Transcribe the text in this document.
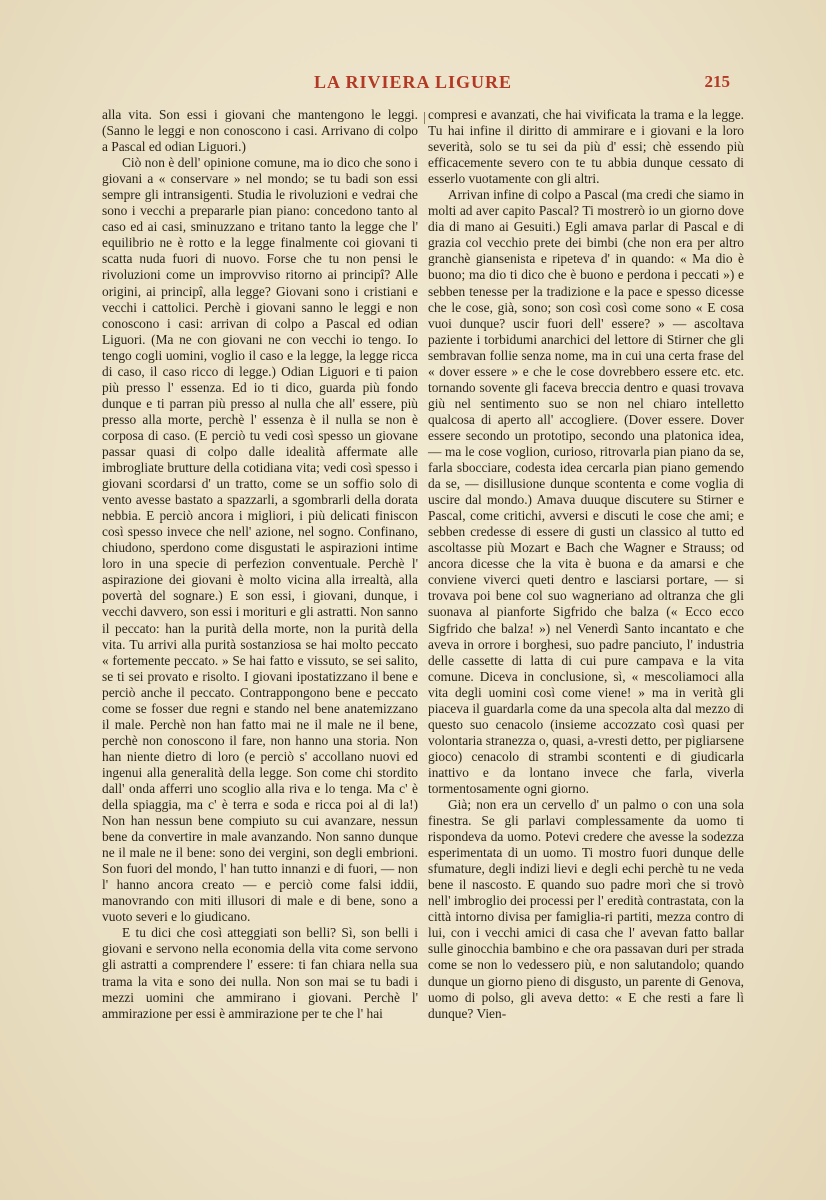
LA RIVIERA LIGURE	215

alla vita. Son essi i giovani che mantengono le leggi. (Sanno le leggi e non conoscono i casi. Arrivano di colpo a Pascal ed odian Liguori.)

Ciò non è dell' opinione comune, ma io dico che sono i giovani a « conservare » nel mondo; se tu badi son essi sempre gli intransigenti. Studia le rivoluzioni e vedrai che sono i vecchi a prepararle pian piano: concedono tanto al caso ed ai casi, sminuzzano e tritano tanto la legge che l' equilibrio ne è rotto e la legge finalmente coi giovani ti scatta nuda fuori di nuovo. Forse che tu non pensi le rivoluzioni come un improvviso ritorno ai principî? Alle origini, ai principî, alla legge? Giovani sono i cristiani e vecchi i cattolici. Perchè i giovani sanno le leggi e non conoscono i casi: arrivan di colpo a Pascal ed odian Liguori. (Ma ne con giovani ne con vecchi io tengo. Io tengo cogli uomini, voglio il caso e la legge, la legge ricca di caso, il caso ricco di legge.) Odian Liguori e ti paion più presso l' essenza. Ed io ti dico, guarda più fondo dunque e ti parran più presso al nulla che all' essere, più presso alla morte, perchè l' essenza è il nulla se non è corposa di caso. (E perciò tu vedi così spesso un giovane passar quasi di colpo dalle idealità affermate alle imbrogliate brutture della cotidiana vita; vedi così spesso i giovani scordarsi d' un tratto, come se un soffio solo di vento avesse bastato a spazzarli, a sgombrarli della dorata nebbia. E perciò ancora i migliori, i più delicati finiscon così spesso invece che nell' azione, nel sogno. Confinano, chiudono, sperdono come disgustati le aspirazioni intime loro in una specie di perfezion conventuale. Perchè l' aspirazione dei giovani è molto vicina alla irrealtà, alla povertà del sognare.) E son essi, i giovani, dunque, i vecchi davvero, son essi i morituri e gli astratti. Non sanno il peccato: han la purità della morte, non la purità della vita. Tu arrivi alla purità sostanziosa se hai molto peccato « fortemente peccato. » Se hai fatto e vissuto, se sei salito, se ti sei provato e risolto. I giovani ipostatizzano il bene e perciò anche il peccato. Contrappongono bene e peccato come se fosser due regni e stando nel bene anatemizzano il male. Perchè non han fatto mai ne il male ne il bene, perchè non conoscono il fare, non hanno una storia. Non han niente dietro di loro (e perciò s' accollano nuovi ed ingenui alla generalità della legge. Son come chi stordito dall' onda afferri uno scoglio alla riva e lo tenga. Ma c' è della spiaggia, ma c' è terra e soda e ricca poi al di la!) Non han nessun bene compiuto su cui avanzare, nessun bene da convertire in male avanzando. Non sanno dunque ne il male ne il bene: sono dei vergini, son degli embrioni. Son fuori del mondo, l' han tutto innanzi e di fuori, — non l' hanno ancora creato — e perciò come falsi iddii, manovrando con miti illusori di male e di bene, sono a vuoto severi e lo giudicano.

E tu dici che così atteggiati son belli? Sì, son belli i giovani e servono nella economia della vita come servono gli astratti a comprendere l' essere: ti fan chiara nella sua trama la vita e sono dei nulla. Non son mai se tu badi i mezzi uomini che ammirano i giovani. Perchè l' ammirazione per essi è ammirazione per te che l' hai

compresi e avanzati, che hai vivificata la trama e la legge. Tu hai infine il diritto di ammirare e i giovani e la loro severità, solo se tu sei da più d' essi; chè essendo più efficacemente severo con te tu abbia dunque cessato di esserlo vuotamente con gli altri.

Arrivan infine di colpo a Pascal (ma credi che siamo in molti ad aver capito Pascal? Ti mostrerò io un giorno dove dia di mano ai Gesuiti.) Egli amava parlar di Pascal e di grazia col vecchio prete dei bimbi (che non era per altro granchè giansenista e ripeteva d' in quando: « Ma dio è buono; ma dio ti dico che è buono e perdona i peccati ») e sebben tenesse per la tradizione e la pace e spesso dicesse che le cose, già, sono; son così così come sono « E cosa vuoi dunque? uscir fuori dell' essere? » — ascoltava paziente i torbidumi anarchici del lettore di Stirner che gli sembravan follie senza nome, ma in cui una certa frase del « dover essere » e che le cose dovrebbero essere etc. etc. tornando sovente gli faceva breccia dentro e quasi trovava giù nel sentimento suo se non nel chiaro intelletto qualcosa di aperto all' accogliere. (Dover essere. Dover essere secondo un prototipo, secondo una platonica idea, — ma le cose voglion, curioso, ritrovarla pian piano da se, farla sbocciare, codesta idea cercarla pian piano gemendo da se, — disillusione dunque scontenta e come voglia di uscire dal mondo.) Amava duuque discutere su Stirner e Pascal, come critichi, avversi e discuti le cose che ami; e sebben credesse di essere di gusti un classico al tutto ed ascoltasse più Mozart e Bach che Wagner e Strauss; od ancora dicesse che la vita è buona e da amarsi e che conviene viverci queti dentro e lasciarsi portare, — si trovava poi bene col suo wagneriano ad oltranza che gli suonava al pianforte Sigfrido che balza (« Ecco ecco Sigfrido che balza! ») nel Venerdì Santo incantato e che aveva in orrore i borghesi, suo padre panciuto, l' industria delle cassette di latta di cui pure campava e la vita comune. Diceva in conclusione, sì, « mescoliamoci alla vita degli uomini così come viene! » ma in verità gli piaceva il guardarla come da una specola alta dal mezzo di questo suo cenacolo (insieme accozzato così quasi per volontaria stranezza o, quasi, a-vresti detto, per pigliarsene gioco) cenacolo di strambi scontenti e di giudicarla inattivo e da lontano invece che farla, viverla tormentosamente ogni giorno.

Già; non era un cervello d' un palmo o con una sola finestra. Se gli parlavi complessamente da uomo ti rispondeva da uomo. Potevi credere che avesse la sodezza esperimentata di un uomo. Ti mostro fuori dunque delle sfumature, degli indizi lievi e degli echi perchè tu ne veda bene il nascosto. E quando suo padre morì che si trovò nell' imbroglio dei processi per l' eredità contrastata, con la città intorno divisa per famiglia-ri partiti, mezza contro di lui, con i vecchi amici di casa che l' avevan fatto ballar sulle ginocchia bambino e che ora passavan duri per strada come se non lo vedessero più, e non salutandolo; quando dunque un giorno pieno di disgusto, un parente di Genova, uomo di polso, gli aveva detto: « E che resti a fare lì dunque? Vien-
